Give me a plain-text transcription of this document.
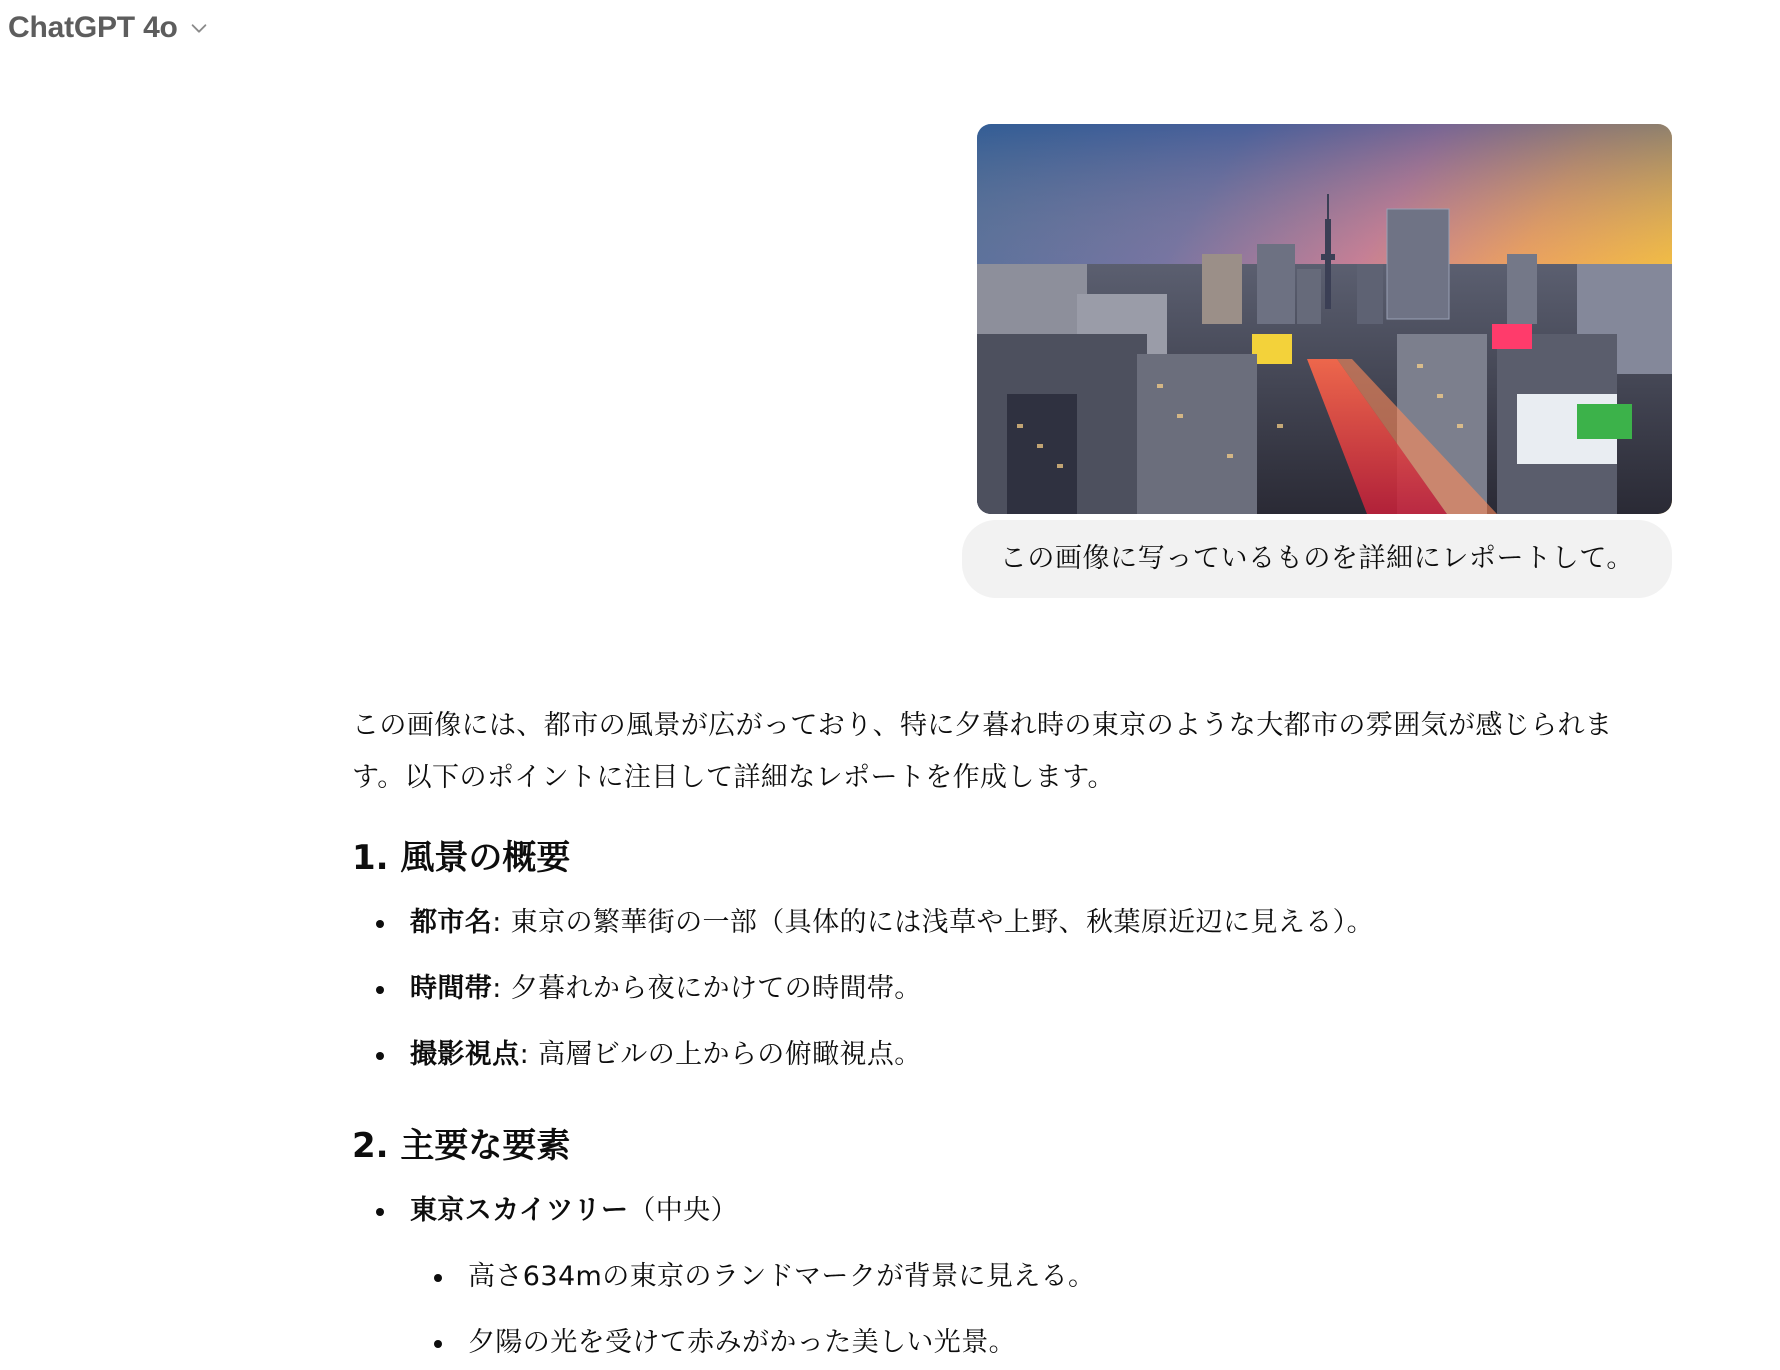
ChatGPT 4o
この画像に写っているものを詳細にレポートして。

この画像には、都市の風景が広がっており、特に夕暮れ時の東京のような大都市の雰囲気が感じられま

す。以下のポイントに注目して詳細なレポートを作成します。

1. 風景の概要
都市名: 東京の繁華街の一部（具体的には浅草や上野、秋葉原近辺に見える）。
時間帯: 夕暮れから夜にかけての時間帯。
撮影視点: 高層ビルの上からの俯瞰視点。
2. 主要な要素
東京スカイツリー（中央）
高さ634mの東京のランドマークが背景に見える。
夕陽の光を受けて赤みがかった美しい光景。
